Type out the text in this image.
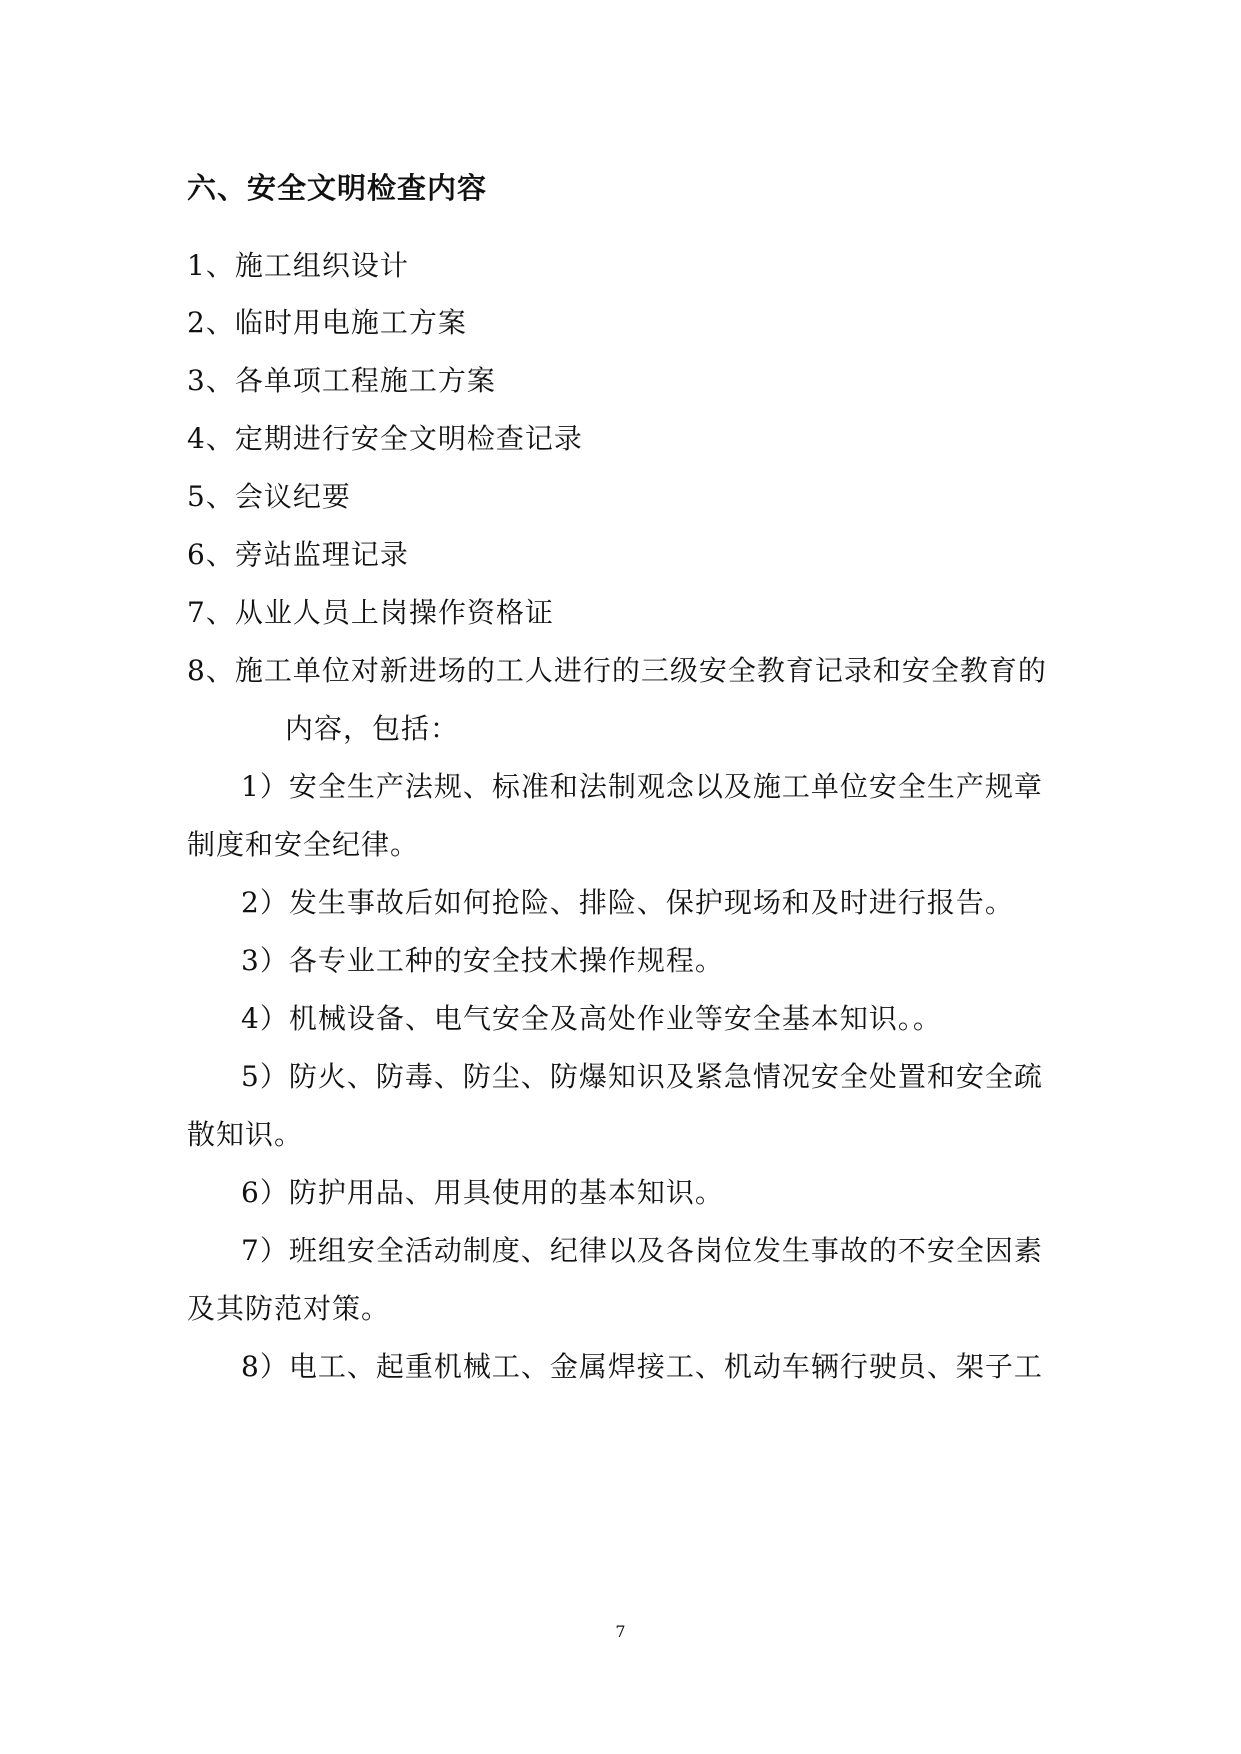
六、安全文明检查内容
1、施工组织设计
2、临时用电施工方案
3、各单项工程施工方案
4、定期进行安全文明检查记录
5、会议纪要
6、旁站监理记录
7、从业人员上岗操作资格证
8、施工单位对新进场的工人进行的三级安全教育记录和安全教育的
内容，包括：
1）安全生产法规、标准和法制观念以及施工单位安全生产规章
制度和安全纪律。
2）发生事故后如何抢险、排险、保护现场和及时进行报告。
3）各专业工种的安全技术操作规程。
4）机械设备、电气安全及高处作业等安全基本知识。。
5）防火、防毒、防尘、防爆知识及紧急情况安全处置和安全疏
散知识。
6）防护用品、用具使用的基本知识。
7）班组安全活动制度、纪律以及各岗位发生事故的不安全因素
及其防范对策。
8）电工、起重机械工、金属焊接工、机动车辆行驶员、架子工
7
